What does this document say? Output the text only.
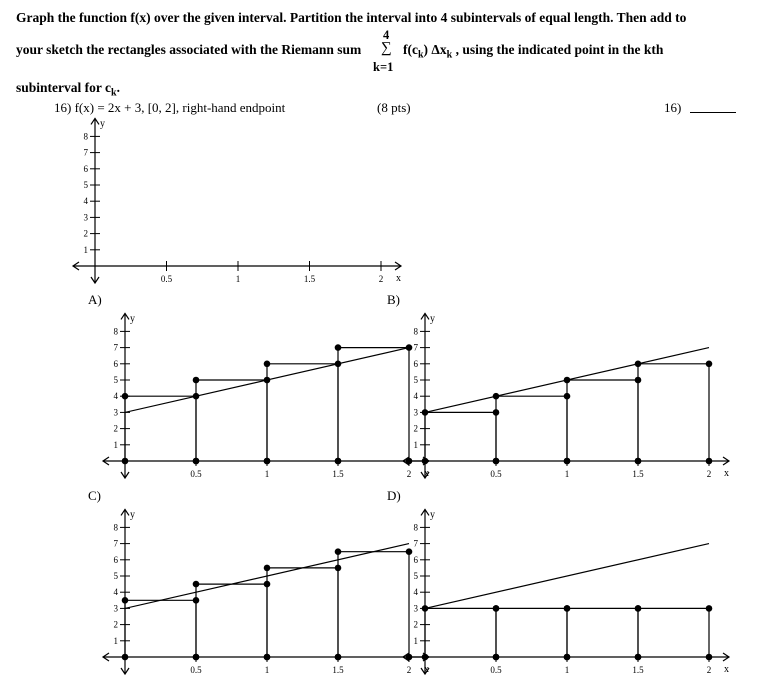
Graph the function f(x) over the given interval. Partition the interval into 4 subintervals of equal length. Then add to
your sketch the rectangles associated with the Riemann sum
4
∑
k=1
$f(c_k)$ $\Delta x_k$ , using the indicated point in the kth
subinterval for $c_k$.
16) f(x) = 2x + 3, [0, 2], right-hand endpoint	(8 pts)	16)
A)	B)
C)	D)
x
y
0.5	1	1.5	2
1
2
3
4
5
6
7
8
x
y
0.5	1	1.5	2
1
2
3
4
5
6
7
8
x
y
0.5	1	1.5	2
1
2
3
4
5
6
7
8
x
y
0.5	1	1.5	2
1
2
3
4
5
6
7
8
x
y
0.5	1	1.5	2
1
2
3
4
5
6
7
8
